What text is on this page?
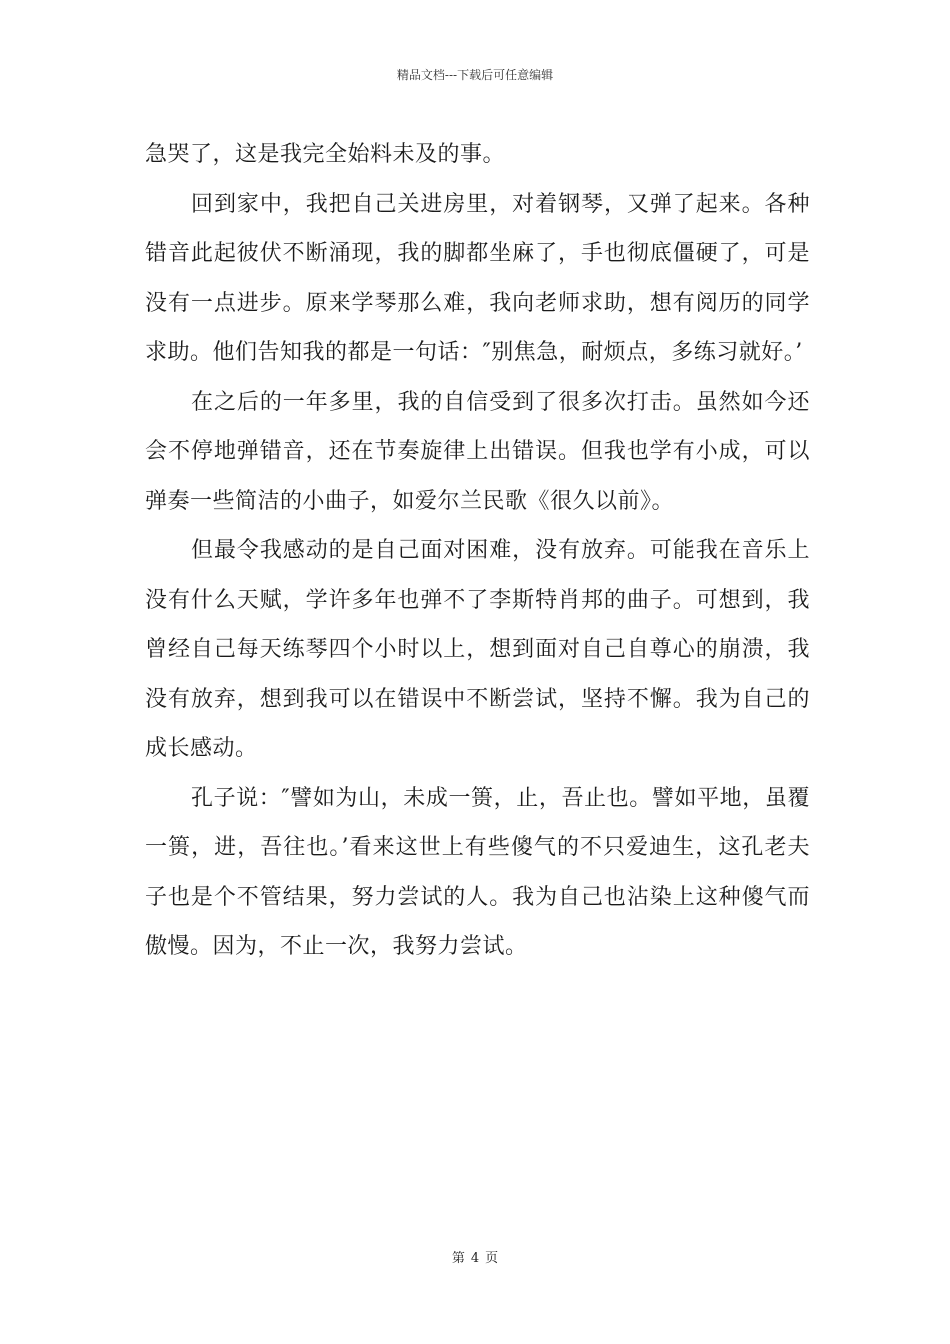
精品文档---下载后可任意编辑

急哭了，这是我完全始料未及的事。

回到家中，我把自己关进房里，对着钢琴，又弹了起来。各种错音此起彼伏不断涌现，我的脚都坐麻了，手也彻底僵硬了，可是没有一点进步。原来学琴那么难，我向老师求助，想有阅历的同学求助。他们告知我的都是一句话：″别焦急，耐烦点，多练习就好。’

在之后的一年多里，我的自信受到了很多次打击。虽然如今还会不停地弹错音，还在节奏旋律上出错误。但我也学有小成，可以弹奏一些简洁的小曲子，如爱尔兰民歌《很久以前》。

但最令我感动的是自己面对困难，没有放弃。可能我在音乐上没有什么天赋，学许多年也弹不了李斯特肖邦的曲子。可想到，我曾经自己每天练琴四个小时以上，想到面对自己自尊心的崩溃，我没有放弃，想到我可以在错误中不断尝试，坚持不懈。我为自己的成长感动。

孔子说：″譬如为山，未成一篑，止，吾止也。譬如平地，虽覆一篑，进，吾往也。’看来这世上有些傻气的不只爱迪生，这孔老夫子也是个不管结果，努力尝试的人。我为自己也沾染上这种傻气而傲慢。因为，不止一次，我努力尝试。

第 4 页
